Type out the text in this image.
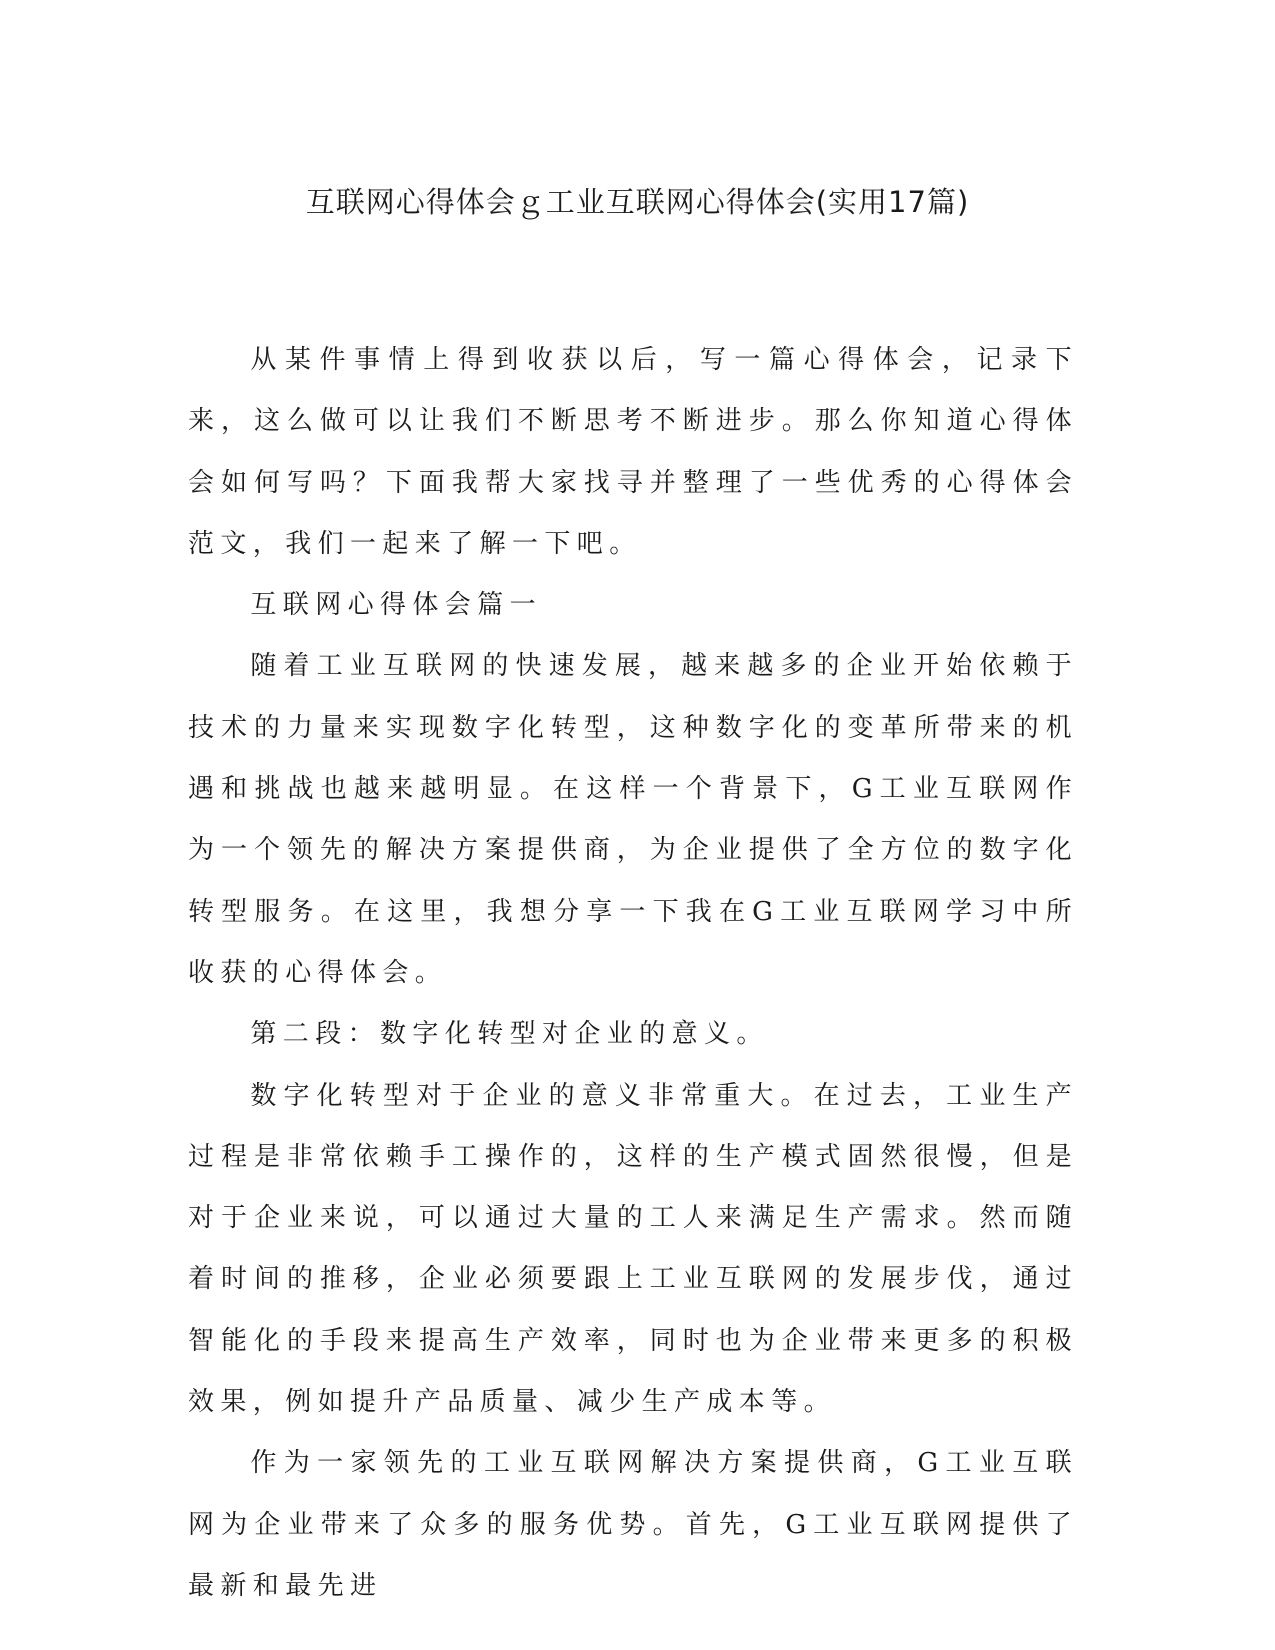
互联网心得体会ｇ工业互联网心得体会(实用17篇)

从某件事情上得到收获以后，写一篇心得体会，记录下来，这么做可以让我们不断思考不断进步。那么你知道心得体会如何写吗？下面我帮大家找寻并整理了一些优秀的心得体会范文，我们一起来了解一下吧。

互联网心得体会篇一

随着工业互联网的快速发展，越来越多的企业开始依赖于技术的力量来实现数字化转型，这种数字化的变革所带来的机遇和挑战也越来越明显。在这样一个背景下，G工业互联网作为一个领先的解决方案提供商，为企业提供了全方位的数字化转型服务。在这里，我想分享一下我在G工业互联网学习中所收获的心得体会。

第二段：数字化转型对企业的意义。

数字化转型对于企业的意义非常重大。在过去，工业生产过程是非常依赖手工操作的，这样的生产模式固然很慢，但是对于企业来说，可以通过大量的工人来满足生产需求。然而随着时间的推移，企业必须要跟上工业互联网的发展步伐，通过智能化的手段来提高生产效率，同时也为企业带来更多的积极效果，例如提升产品质量、减少生产成本等。

作为一家领先的工业互联网解决方案提供商，G工业互联网为企业带来了众多的服务优势。首先，G工业互联网提供了最新和最先进
